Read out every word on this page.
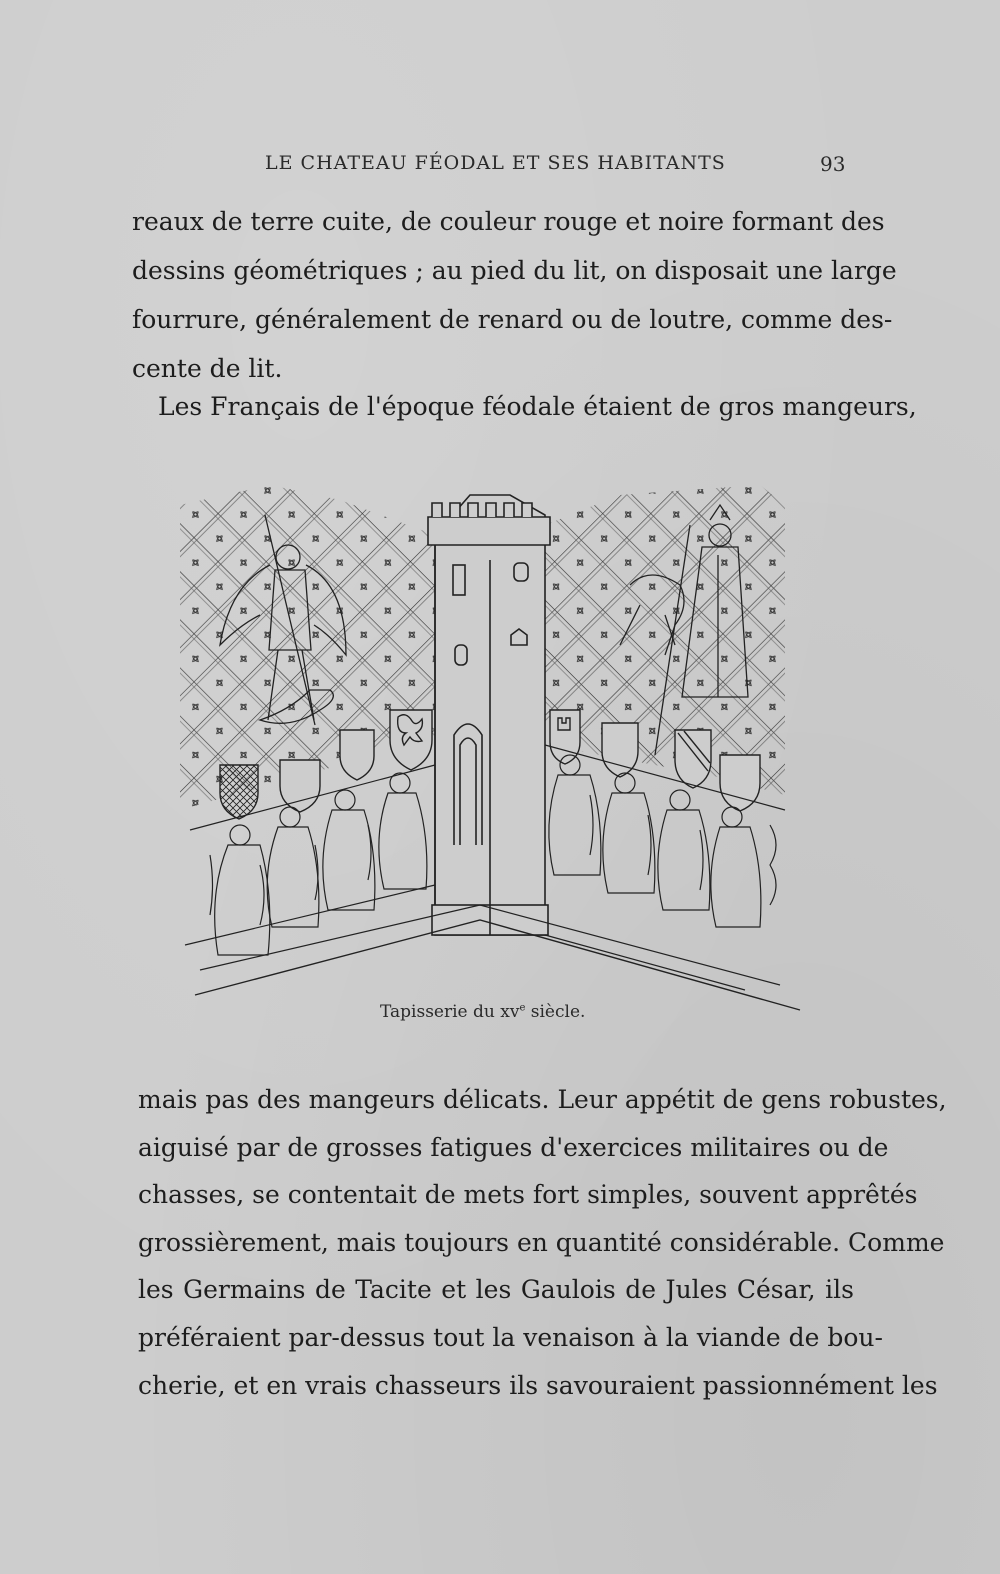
LE CHATEAU FÉODAL ET SES HABITANTS	93
reaux de terre cuite, de couleur rouge et noire formant des
dessins géométriques ; au pied du lit, on disposait une large
fourrure, généralement de renard ou de loutre, comme des-
cente de lit.
Les Français de l'époque féodale étaient de gros mangeurs,
Tapisserie du $xv^e$ siècle.
mais pas des mangeurs délicats. Leur appétit de gens robustes,
aiguisé par de grosses fatigues d'exercices militaires ou de
chasses, se contentait de mets fort simples, souvent apprêtés
grossièrement, mais toujours en quantité considérable. Comme
les Germains de Tacite et les Gaulois de Jules César, ils
préféraient par-dessus tout la venaison à la viande de bou-
cherie, et en vrais chasseurs ils savouraient passionnément les
